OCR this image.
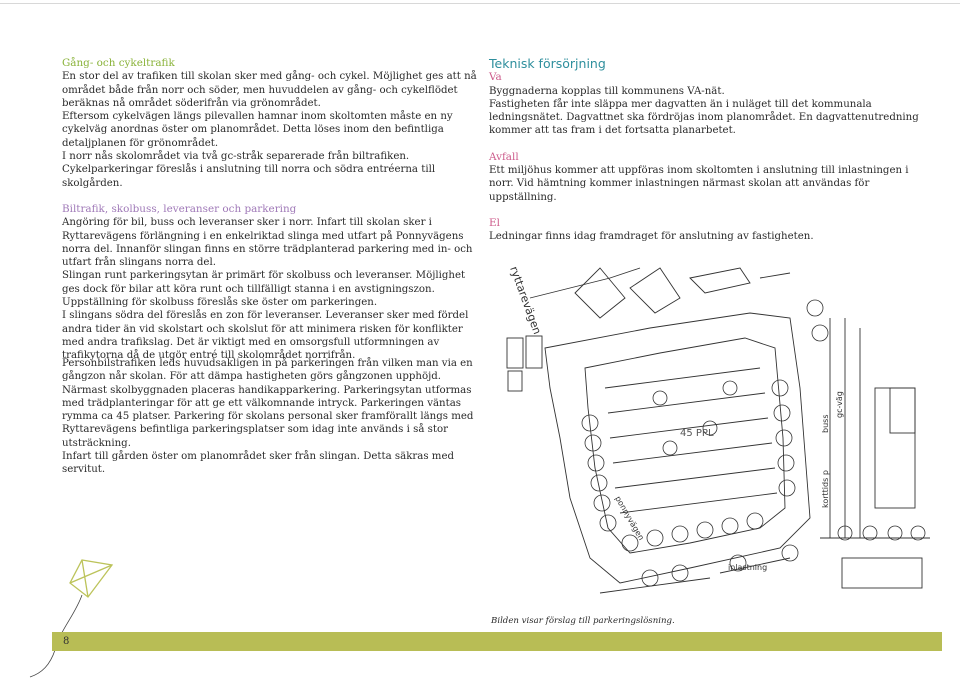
Gång- och cykeltrafik

En stor del av trafiken till skolan sker med gång- och cykel. Möjlighet ges att nå området både från norr och söder, men huvuddelen av gång- och cykelflödet beräknas nå området söderifrån via grönområdet.

Eftersom cykelvägen längs pilevallen hamnar inom skoltomten måste en ny cykelväg anordnas öster om planområdet. Detta löses inom den befintliga detaljplanen för grönområdet.

I norr nås skolområdet via två gc-stråk separerade från biltrafiken.

Cykelparkeringar föreslås i anslutning till norra och södra entréerna till skolgården.

Biltrafik, skolbuss, leveranser och parkering

Angöring för bil, buss och leveranser sker i norr. Infart till skolan sker i Ryttarevägens förlängning i en enkelriktad slinga med utfart på Ponnyvägens norra del. Innanför slingan finns en större trädplanterad parkering med in- och utfart från slingans norra del.

Slingan runt parkeringsytan är primärt för skolbuss och leveranser. Möjlighet ges dock för bilar att köra runt och tillfälligt stanna i en avstigningszon. Uppställning för skolbuss föreslås ske öster om parkeringen.

I slingans södra del föreslås en zon för leveranser. Leveranser sker med fördel andra tider än vid skolstart och skolslut för att minimera risken för konflikter med andra trafikslag. Det är viktigt med en omsorgsfull utformningen av trafikytorna då de utgör entré till skolområdet norrifrån.

Personbilstrafiken leds huvudsakligen in på parkeringen från vilken man via en gångzon når skolan. För att dämpa hastigheten görs gångzonen upphöjd. Närmast skolbyggnaden placeras handikapparkering. Parkeringsytan utformas med trädplanteringar för att ge ett välkomnande intryck. Parkeringen väntas rymma ca 45 platser. Parkering för skolans personal sker framförallt längs med Ryttarevägens befintliga parkeringsplatser som idag inte används i så stor utsträckning.

Infart till gården öster om planområdet sker från slingan. Detta säkras med servitut.

Teknisk försörjning
Va

Byggnaderna kopplas till kommunens VA-nät.

Fastigheten får inte släppa mer dagvatten än i nuläget till det kommunala ledningsnätet. Dagvattnet ska fördröjas inom planområdet. En dagvattenutredning kommer att tas fram i det fortsatta planarbetet.

Avfall

Ett miljöhus kommer att uppföras inom skoltomten i anslutning till inlastningen i norr. Vid hämtning kommer inlastningen närmast skolan att användas för uppställning.

El

Ledningar finns idag framdraget för anslutning av fastigheten.

ryttarevägen
45 PPL
ponnyvägen
buss
gc-väg
korttids p
inlastning
Bilden visar förslag till parkeringslösning.
8
